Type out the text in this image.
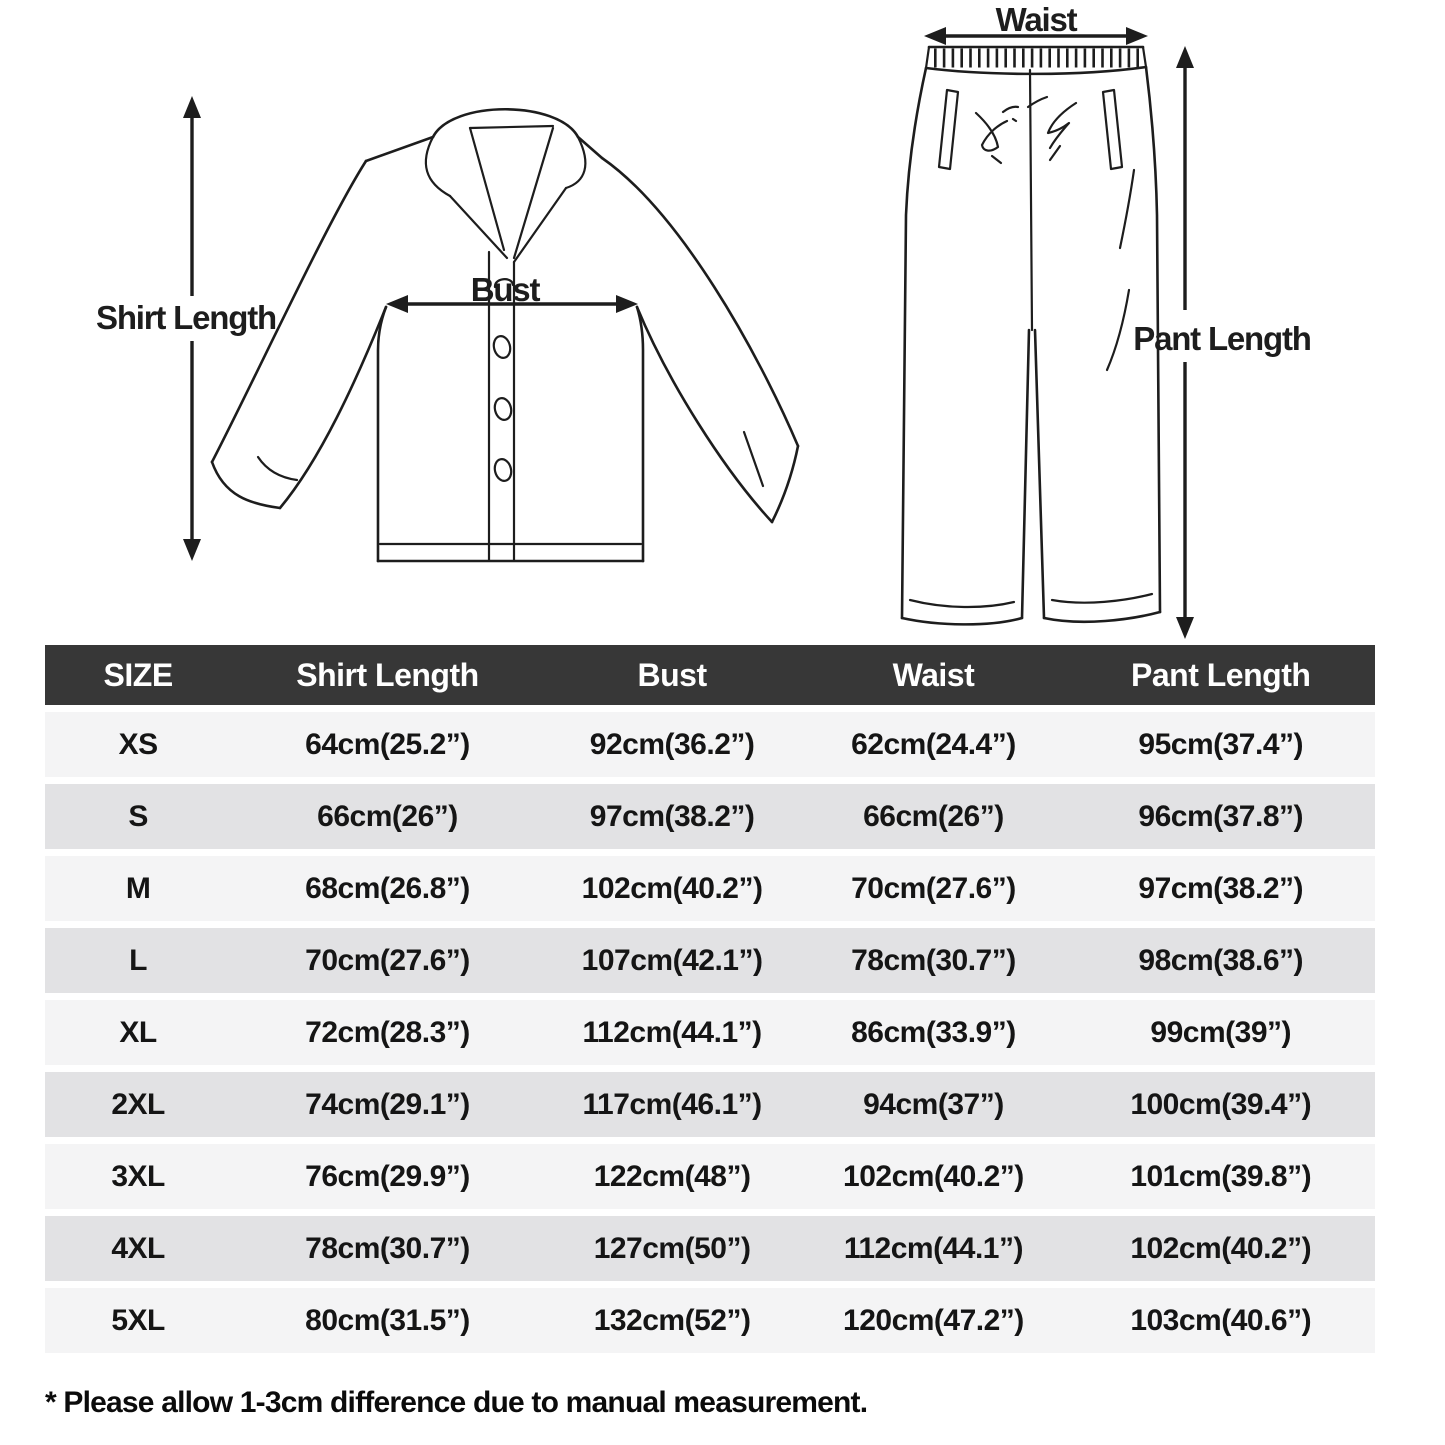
Shirt Length
Bust
Waist
Pant Length
SIZE	Shirt Length	Bust	Waist	Pant Length
XS	64cm(25.2”)	92cm(36.2”)	62cm(24.4”)	95cm(37.4”)
S	66cm(26”)	97cm(38.2”)	66cm(26”)	96cm(37.8”)
M	68cm(26.8”)	102cm(40.2”)	70cm(27.6”)	97cm(38.2”)
L	70cm(27.6”)	107cm(42.1”)	78cm(30.7”)	98cm(38.6”)
XL	72cm(28.3”)	112cm(44.1”)	86cm(33.9”)	99cm(39”)
2XL	74cm(29.1”)	117cm(46.1”)	94cm(37”)	100cm(39.4”)
3XL	76cm(29.9”)	122cm(48”)	102cm(40.2”)	101cm(39.8”)
4XL	78cm(30.7”)	127cm(50”)	112cm(44.1”)	102cm(40.2”)
5XL	80cm(31.5”)	132cm(52”)	120cm(47.2”)	103cm(40.6”)
* Please allow 1-3cm difference due to manual measurement.
